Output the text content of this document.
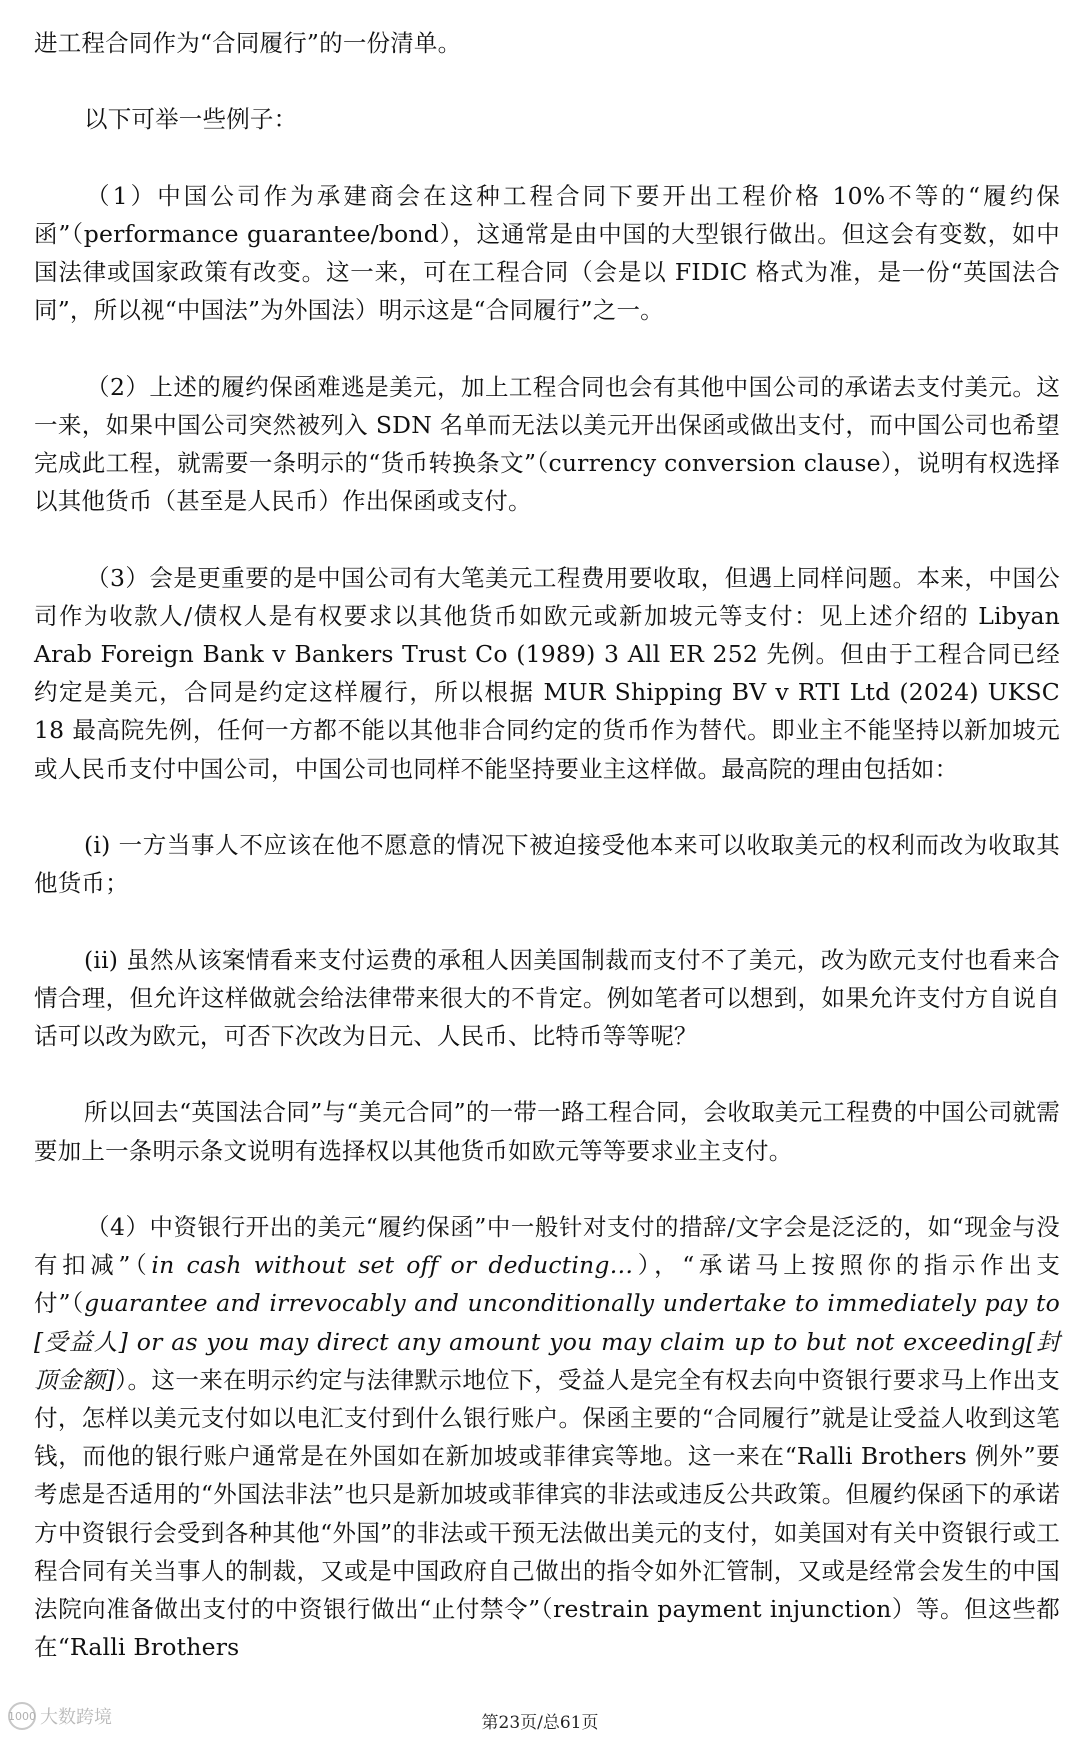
进工程合同作为“合同履行”的一份清单。

以下可举一些例子：

（1）中国公司作为承建商会在这种工程合同下要开出工程价格 10%不等的“履约保函”（performance guarantee/bond），这通常是由中国的大型银行做出。但这会有变数，如中国法律或国家政策有改变。这一来，可在工程合同（会是以 FIDIC 格式为准，是一份“英国法合同”，所以视“中国法”为外国法）明示这是“合同履行”之一。

（2）上述的履约保函难逃是美元，加上工程合同也会有其他中国公司的承诺去支付美元。这一来，如果中国公司突然被列入 SDN 名单而无法以美元开出保函或做出支付，而中国公司也希望完成此工程，就需要一条明示的“货币转换条文”（currency conversion clause），说明有权选择以其他货币（甚至是人民币）作出保函或支付。

（3）会是更重要的是中国公司有大笔美元工程费用要收取，但遇上同样问题。本来，中国公司作为收款人/债权人是有权要求以其他货币如欧元或新加坡元等支付：见上述介绍的 Libyan Arab Foreign Bank v Bankers Trust Co (1989) 3 All ER 252 先例。但由于工程合同已经约定是美元，合同是约定这样履行，所以根据 MUR Shipping BV v RTI Ltd (2024) UKSC 18 最高院先例，任何一方都不能以其他非合同约定的货币作为替代。即业主不能坚持以新加坡元或人民币支付中国公司，中国公司也同样不能坚持要业主这样做。最高院的理由包括如：

(i) 一方当事人不应该在他不愿意的情况下被迫接受他本来可以收取美元的权利而改为收取其他货币；

(ii) 虽然从该案情看来支付运费的承租人因美国制裁而支付不了美元，改为欧元支付也看来合情合理，但允许这样做就会给法律带来很大的不肯定。例如笔者可以想到，如果允许支付方自说自话可以改为欧元，可否下次改为日元、人民币、比特币等等呢？

所以回去“英国法合同”与“美元合同”的一带一路工程合同，会收取美元工程费的中国公司就需要加上一条明示条文说明有选择权以其他货币如欧元等等要求业主支付。

（4）中资银行开出的美元“履约保函”中一般针对支付的措辞/文字会是泛泛的，如“现金与没有扣减”（in cash without set off or deducting…），“承诺马上按照你的指示作出支付”（guarantee and irrevocably and unconditionally undertake to immediately pay to [受益人] or as you may direct any amount you may claim up to but not exceeding[封顶金额]）。这一来在明示约定与法律默示地位下，受益人是完全有权去向中资银行要求马上作出支付，怎样以美元支付如以电汇支付到什么银行账户。保函主要的“合同履行”就是让受益人收到这笔钱，而他的银行账户通常是在外国如在新加坡或菲律宾等地。这一来在“Ralli Brothers 例外”要考虑是否适用的“外国法非法”也只是新加坡或菲律宾的非法或违反公共政策。但履约保函下的承诺方中资银行会受到各种其他“外国”的非法或干预无法做出美元的支付，如美国对有关中资银行或工程合同有关当事人的制裁，又或是中国政府自己做出的指令如外汇管制，又或是经常会发生的中国法院向准备做出支付的中资银行做出“止付禁令”（restrain payment injunction）等。但这些都在“Ralli Brothers

1000 大数跨境	第23页/总61页
